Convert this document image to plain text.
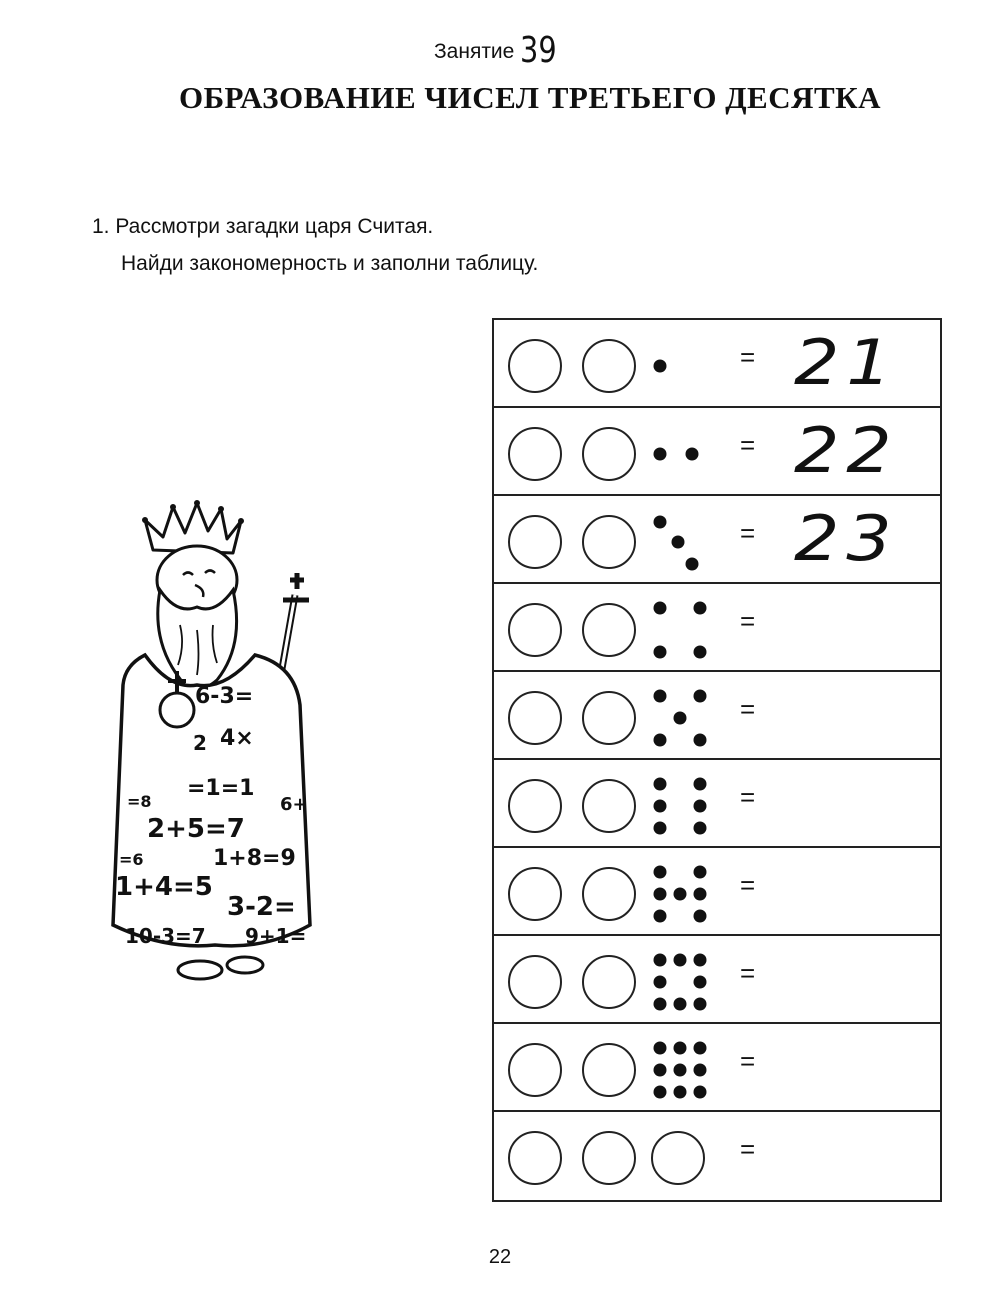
Занятие 39
ОБРАЗОВАНИЕ ЧИСЕЛ ТРЕТЬЕГО ДЕСЯТКА
1. Рассмотри загадки царя Считая.
Найди закономерность и заполни таблицу.
6-3=
4×
=1=1
2+5=7
1+8=9
1+4=5
3-2=
10-3=7 9+1=
=8
=6
6+
2
= 21
= 22
= 23
=
=
=
=
=
=
=
22
